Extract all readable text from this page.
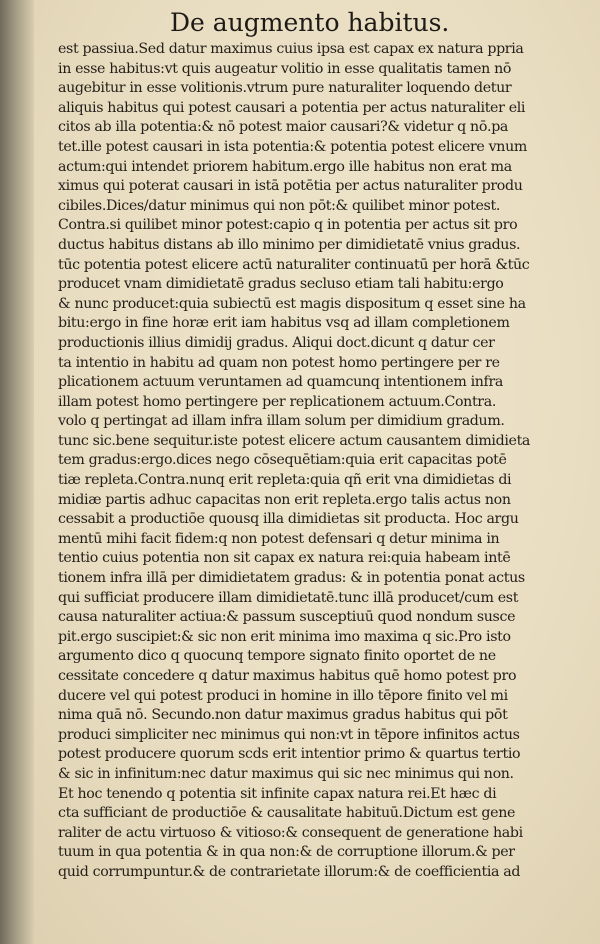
De augmento habitus.
est passiua.Sed datur maximus cuius ipsa est capax ex natura ppria
in esse habitus:vt quis augeatur volitio in esse qualitatis tamen nō
augebitur in esse volitionis.vtrum pure naturaliter loquendo detur
aliquis habitus qui potest causari a potentia per actus naturaliter eli
citos ab illa potentia:& nō potest maior causari?& videtur q nō.pa
tet.ille potest causari in ista potentia:& potentia potest elicere vnum
actum:qui intendet priorem habitum.ergo ille habitus non erat ma
ximus qui poterat causari in istā potētia per actus naturaliter produ
cibiles.Dices/datur minimus qui non pōt:& quilibet minor potest.
Contra.si quilibet minor potest:capio q in potentia per actus sit pro
ductus habitus distans ab illo minimo per dimidietatē vnius gradus.
tūc potentia potest elicere actū naturaliter continuatū per horā &tūc
producet vnam dimidietatē gradus secluso etiam tali habitu:ergo
& nunc producet:quia subiectū est magis dispositum q esset sine ha
bitu:ergo in fine horæ erit iam habitus vsq ad illam completionem
productionis illius dimidij gradus. Aliqui doct.dicunt q datur cer
ta intentio in habitu ad quam non potest homo pertingere per re
plicationem actuum veruntamen ad quamcunq intentionem infra
illam potest homo pertingere per replicationem actuum.Contra.
volo q pertingat ad illam infra illam solum per dimidium gradum.
tunc sic.bene sequitur.iste potest elicere actum causantem dimidieta
tem gradus:ergo.dices nego cōsequētiam:quia erit capacitas potē
tiæ repleta.Contra.nunq erit repleta:quia qñ erit vna dimidietas di
midiæ partis adhuc capacitas non erit repleta.ergo talis actus non
cessabit a productiōe quousq illa dimidietas sit producta. Hoc argu
mentū mihi facit fidem:q non potest defensari q detur minima in
tentio cuius potentia non sit capax ex natura rei:quia habeam intē
tionem infra illā per dimidietatem gradus: & in potentia ponat actus
qui sufficiat producere illam dimidietatē.tunc illā producet/cum est
causa naturaliter actiua:& passum susceptiuū quod nondum susce
pit.ergo suscipiet:& sic non erit minima imo maxima q sic.Pro isto
argumento dico q quocunq tempore signato finito oportet de ne
cessitate concedere q datur maximus habitus quē homo potest pro
ducere vel qui potest produci in homine in illo tēpore finito vel mi
nima quā nō. Secundo.non datur maximus gradus habitus qui pōt
produci simpliciter nec minimus qui non:vt in tēpore infinitos actus
potest producere quorum scds erit intentior primo & quartus tertio
& sic in infinitum:nec datur maximus qui sic nec minimus qui non.
Et hoc tenendo q potentia sit infinite capax natura rei.Et hæc di
cta sufficiant de productiōe & causalitate habituū.Dictum est gene
raliter de actu virtuoso & vitioso:& consequent de generatione habi
tuum in qua potentia & in qua non:& de corruptione illorum.& per
quid corrumpuntur.& de contrarietate illorum:& de coefficientia ad
